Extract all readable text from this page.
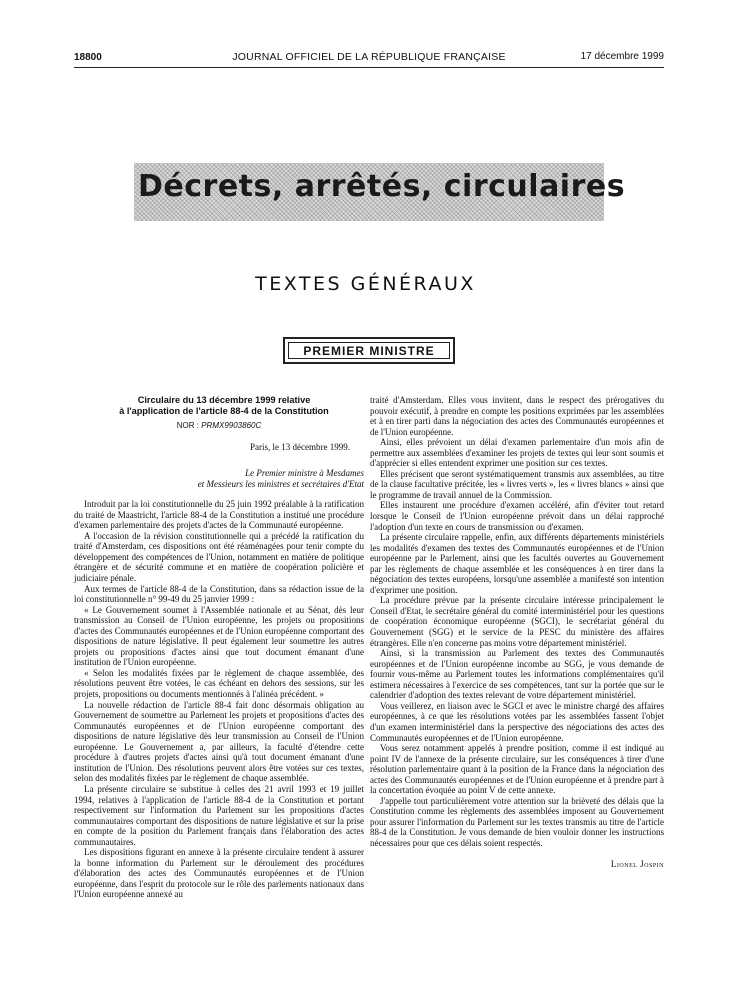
18800	JOURNAL OFFICIEL DE LA RÉPUBLIQUE FRANÇAISE	17 décembre 1999
Décrets, arrêtés, circulaires
TEXTES GÉNÉRAUX
PREMIER MINISTRE

Circulaire du 13 décembre 1999 relative

à l'application de l'article 88-4 de la Constitution

NOR : PRMX9903860C
Paris, le 13 décembre 1999.
Le Premier ministre à Mesdames
et Messieurs les ministres et secrétaires d'Etat

Introduit par la loi constitutionnelle du 25 juin 1992 préalable à la ratification du traité de Maastricht, l'article 88-4 de la Constitution a institué une procédure d'examen parlementaire des projets d'actes de la Communauté européenne.

A l'occasion de la révision constitutionnelle qui a précédé la ratification du traité d'Amsterdam, ces dispositions ont été réaménagées pour tenir compte du développement des compétences de l'Union, notamment en matière de politique étrangère et de sécurité commune et en matière de coopération policière et judiciaire pénale.

Aux termes de l'article 88-4 de la Constitution, dans sa rédaction issue de la loi constitutionnelle n° 99-49 du 25 janvier 1999 :

« Le Gouvernement soumet à l'Assemblée nationale et au Sénat, dès leur transmission au Conseil de l'Union européenne, les projets ou propositions d'actes des Communautés européennes et de l'Union européenne comportant des dispositions de nature législative. Il peut également leur soumettre les autres projets ou propositions d'actes ainsi que tout document émanant d'une institution de l'Union européenne.

« Selon les modalités fixées par le règlement de chaque assemblée, des résolutions peuvent être votées, le cas échéant en dehors des sessions, sur les projets, propositions ou documents mentionnés à l'alinéa précédent. »

La nouvelle rédaction de l'article 88-4 fait donc désormais obligation au Gouvernement de soumettre au Parlement les projets et propositions d'actes des Communautés européennes et de l'Union européenne comportant des dispositions de nature législative dès leur transmission au Conseil de l'Union européenne. Le Gouvernement a, par ailleurs, la faculté d'étendre cette procédure à d'autres projets d'actes ainsi qu'à tout document émanant d'une institution de l'Union. Des résolutions peuvent alors être votées sur ces textes, selon des modalités fixées par le règlement de chaque assemblée.

La présente circulaire se substitue à celles des 21 avril 1993 et 19 juillet 1994, relatives à l'application de l'article 88-4 de la Constitution et portant respectivement sur l'information du Parlement sur les propositions d'actes communautaires comportant des dispositions de nature législative et sur la prise en compte de la position du Parlement français dans l'élaboration des actes communautaires.

Les dispositions figurant en annexe à la présente circulaire tendent à assurer la bonne information du Parlement sur le déroulement des procédures d'élaboration des actes des Communautés européennes et de l'Union européenne, dans l'esprit du protocole sur le rôle des parlements nationaux dans l'Union européenne annexé au

traité d'Amsterdam. Elles vous invitent, dans le respect des prérogatives du pouvoir exécutif, à prendre en compte les positions exprimées par les assemblées et à en tirer parti dans la négociation des actes des Communautés européennes et de l'Union européenne.

Ainsi, elles prévoient un délai d'examen parlementaire d'un mois afin de permettre aux assemblées d'examiner les projets de textes qui leur sont soumis et d'apprécier si elles entendent exprimer une position sur ces textes.

Elles précisent que seront systématiquement transmis aux assemblées, au titre de la clause facultative précitée, les « livres verts », les « livres blancs » ainsi que le programme de travail annuel de la Commission.

Elles instaurent une procédure d'examen accéléré, afin d'éviter tout retard lorsque le Conseil de l'Union européenne prévoit dans un délai rapproché l'adoption d'un texte en cours de transmission ou d'examen.

La présente circulaire rappelle, enfin, aux différents départements ministériels les modalités d'examen des textes des Communautés européennes et de l'Union européenne par le Parlement, ainsi que les facultés ouvertes au Gouvernement par les règlements de chaque assemblée et les conséquences à en tirer dans la négociation des textes européens, lorsqu'une assemblée a manifesté son intention d'exprimer une position.

La procédure prévue par la présente circulaire intéresse principalement le Conseil d'Etat, le secrétaire général du comité interministériel pour les questions de coopération économique européenne (SGCI), le secrétariat général du Gouvernement (SGG) et le service de la PESC du ministère des affaires étrangères. Elle n'en concerne pas moins votre département ministériel.

Ainsi, si la transmission au Parlement des textes des Communautés européennes et de l'Union européenne incombe au SGG, je vous demande de fournir vous-même au Parlement toutes les informations complémentaires qu'il estimera nécessaires à l'exercice de ses compétences, tant sur la portée que sur le calendrier d'adoption des textes relevant de votre département ministériel.

Vous veillerez, en liaison avec le SGCI et avec le ministre chargé des affaires européennes, à ce que les résolutions votées par les assemblées fassent l'objet d'un examen interministériel dans la perspective des négociations des actes des Communautés européennes et de l'Union européenne.

Vous serez notamment appelés à prendre position, comme il est indiqué au point IV de l'annexe de la présente circulaire, sur les conséquences à tirer d'une résolution parlementaire quant à la position de la France dans la négociation des actes des Communautés européennes et de l'Union européenne et à prendre part à la concertation évoquée au point V de cette annexe.

J'appelle tout particulièrement votre attention sur la brièveté des délais que la Constitution comme les règlements des assemblées imposent au Gouvernement pour assurer l'information du Parlement sur les textes transmis au titre de l'article 88-4 de la Constitution. Je vous demande de bien vouloir donner les instructions nécessaires pour que ces délais soient respectés.

Lionel Jospin
